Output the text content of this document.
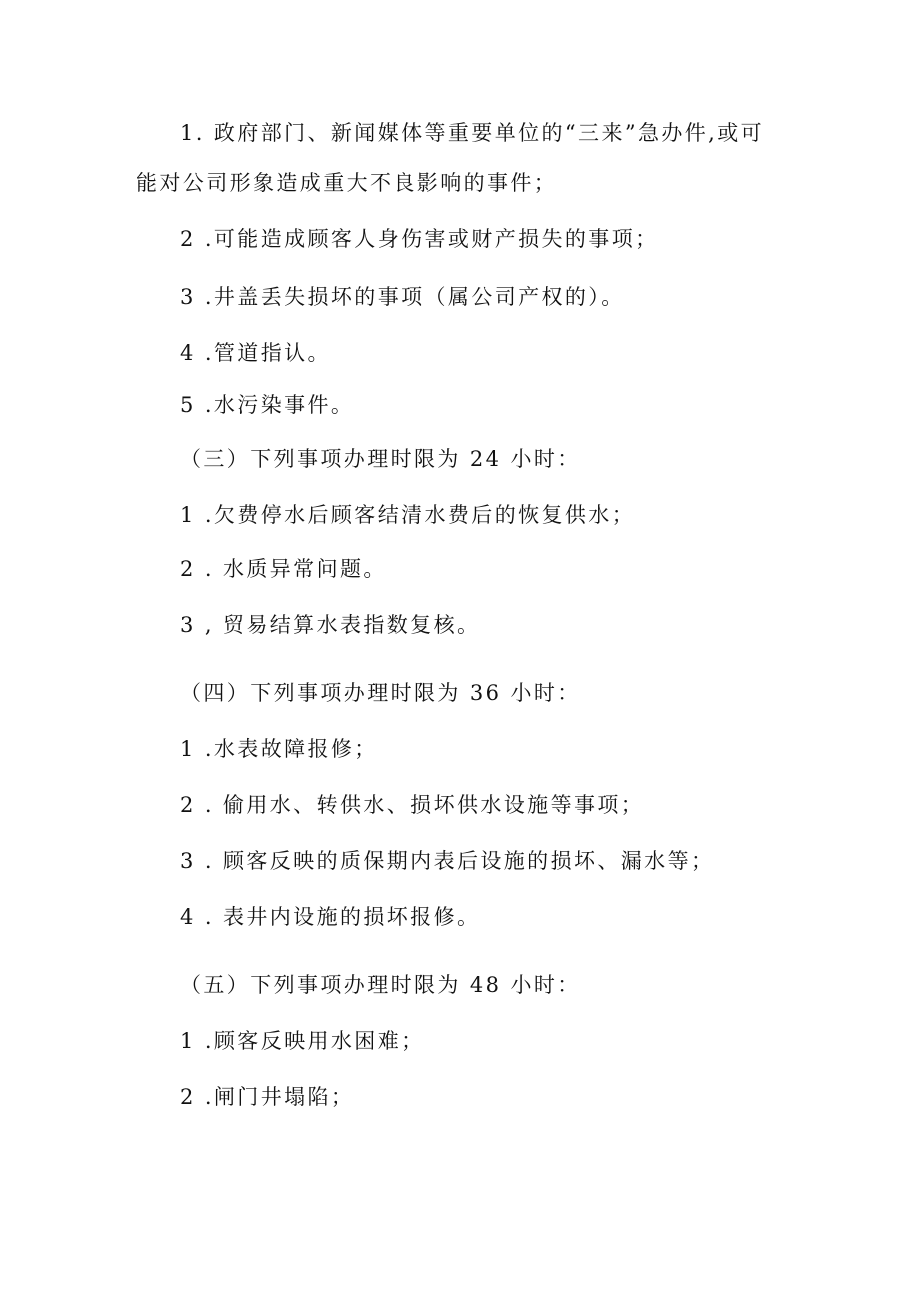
1. 政府部门、新闻媒体等重要单位的“三来”急办件,或可
能对公司形象造成重大不良影响的事件；
2 .可能造成顾客人身伤害或财产损失的事项；
3 .井盖丢失损坏的事项（属公司产权的）。
4 .管道指认。
5 .水污染事件。
（三）下列事项办理时限为 24 小时：
1 .欠费停水后顾客结清水费后的恢复供水；
2 . 水质异常问题。
3 , 贸易结算水表指数复核。
（四）下列事项办理时限为 36 小时：
1 .水表故障报修；
2 . 偷用水、转供水、损坏供水设施等事项；
3 . 顾客反映的质保期内表后设施的损坏、漏水等；
4 . 表井内设施的损坏报修。
（五）下列事项办理时限为 48 小时：
1 .顾客反映用水困难；
2 .闸门井塌陷；
